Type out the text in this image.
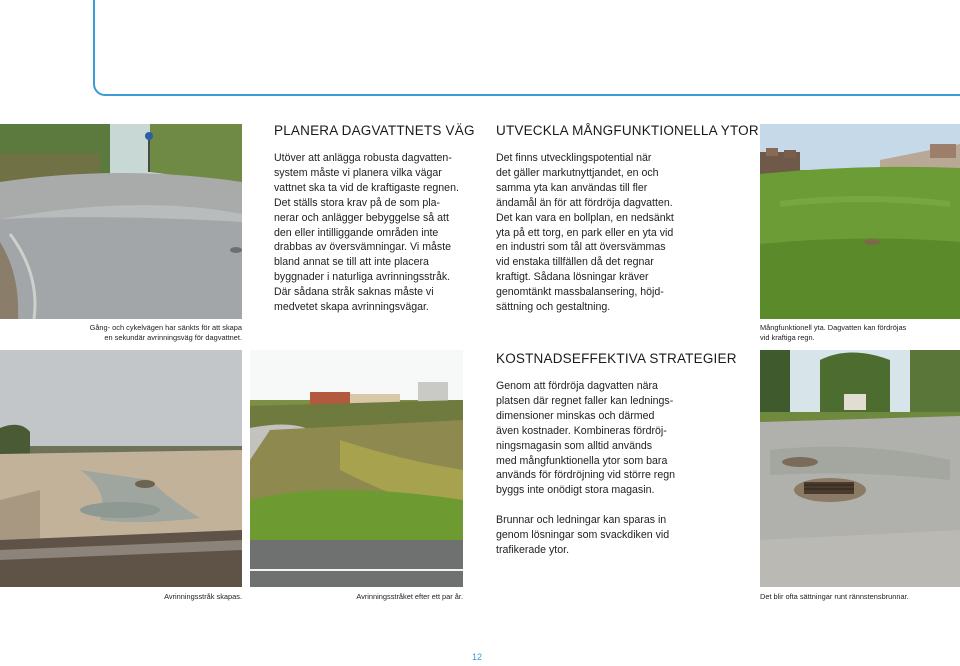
Gång- och cykelvägen har sänkts för att skapa
en sekundär avrinningsväg för dagvattnet.
PLANERA DAGVATTNETS VÄG
Utöver att anlägga robusta dagvatten-
system måste vi planera vilka vägar
vattnet ska ta vid de kraftigaste regnen.
Det ställs stora krav på de som pla-
nerar och anlägger bebyggelse så att
den eller intilliggande områden inte
drabbas av översvämningar. Vi måste
bland annat se till att inte placera
byggnader i naturliga avrinningsstråk.
Där sådana stråk saknas måste vi
medvetet skapa avrinningsvägar.
UTVECKLA MÅNGFUNKTIONELLA YTOR
Det finns utvecklingspotential när
det gäller markutnyttjandet, en och
samma yta kan användas till fler
ändamål än för att fördröja dagvatten.
Det kan vara en bollplan, en nedsänkt
yta på ett torg, en park eller en yta vid
en industri som tål att översvämmas
vid enstaka tillfällen då det regnar
kraftigt. Sådana lösningar kräver
genomtänkt massbalansering, höjd-
sättning och gestaltning.
Mångfunktionell yta. Dagvatten kan fördröjas
vid kraftiga regn.
Avrinningsstråk skapas.	Avrinningsstråket efter ett par år.
KOSTNADSEFFEKTIVA STRATEGIER
Genom att fördröja dagvatten nära
platsen där regnet faller kan lednings-
dimensioner minskas och därmed
även kostnader. Kombineras fördröj-
ningsmagasin som alltid används
med mångfunktionella ytor som bara
används för fördröjning vid större regn
byggs inte onödigt stora magasin.
Brunnar och ledningar kan sparas in
genom lösningar som svackdiken vid
trafikerade ytor.
Det blir ofta sättningar runt rännstensbrunnar.
12
